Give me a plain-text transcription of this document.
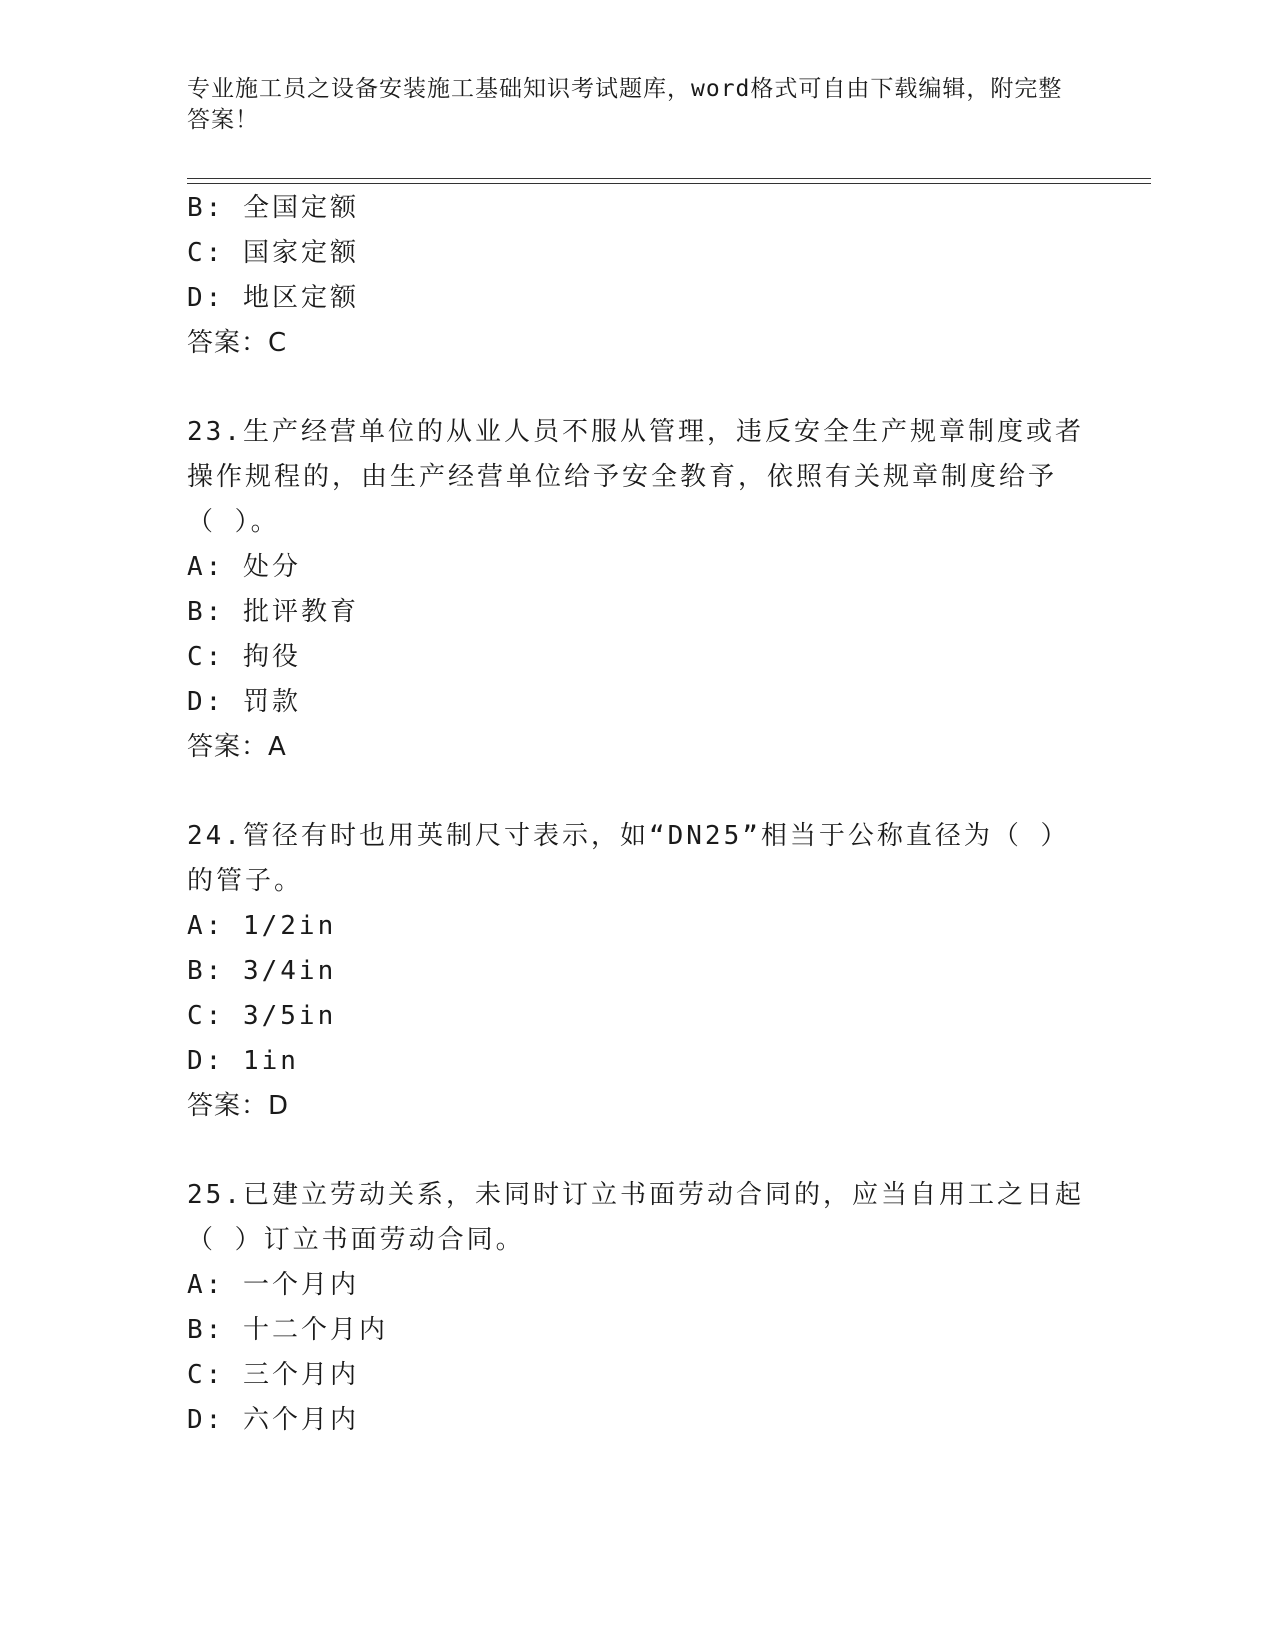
专业施工员之设备安装施工基础知识考试题库，word格式可自由下载编辑，附完整答案！
B: 全国定额
C: 国家定额
D: 地区定额
答案：C
23.生产经营单位的从业人员不服从管理，违反安全生产规章制度或者
操作规程的，由生产经营单位给予安全教育，依照有关规章制度给予
（ ）。
A: 处分
B: 批评教育
C: 拘役
D: 罚款
答案：A
24.管径有时也用英制尺寸表示，如“DN25”相当于公称直径为（ ）
的管子。
A: 1/2in
B: 3/4in
C: 3/5in
D: 1in
答案：D
25.已建立劳动关系，未同时订立书面劳动合同的，应当自用工之日起
（ ）订立书面劳动合同。
A: 一个月内
B: 十二个月内
C: 三个月内
D: 六个月内
